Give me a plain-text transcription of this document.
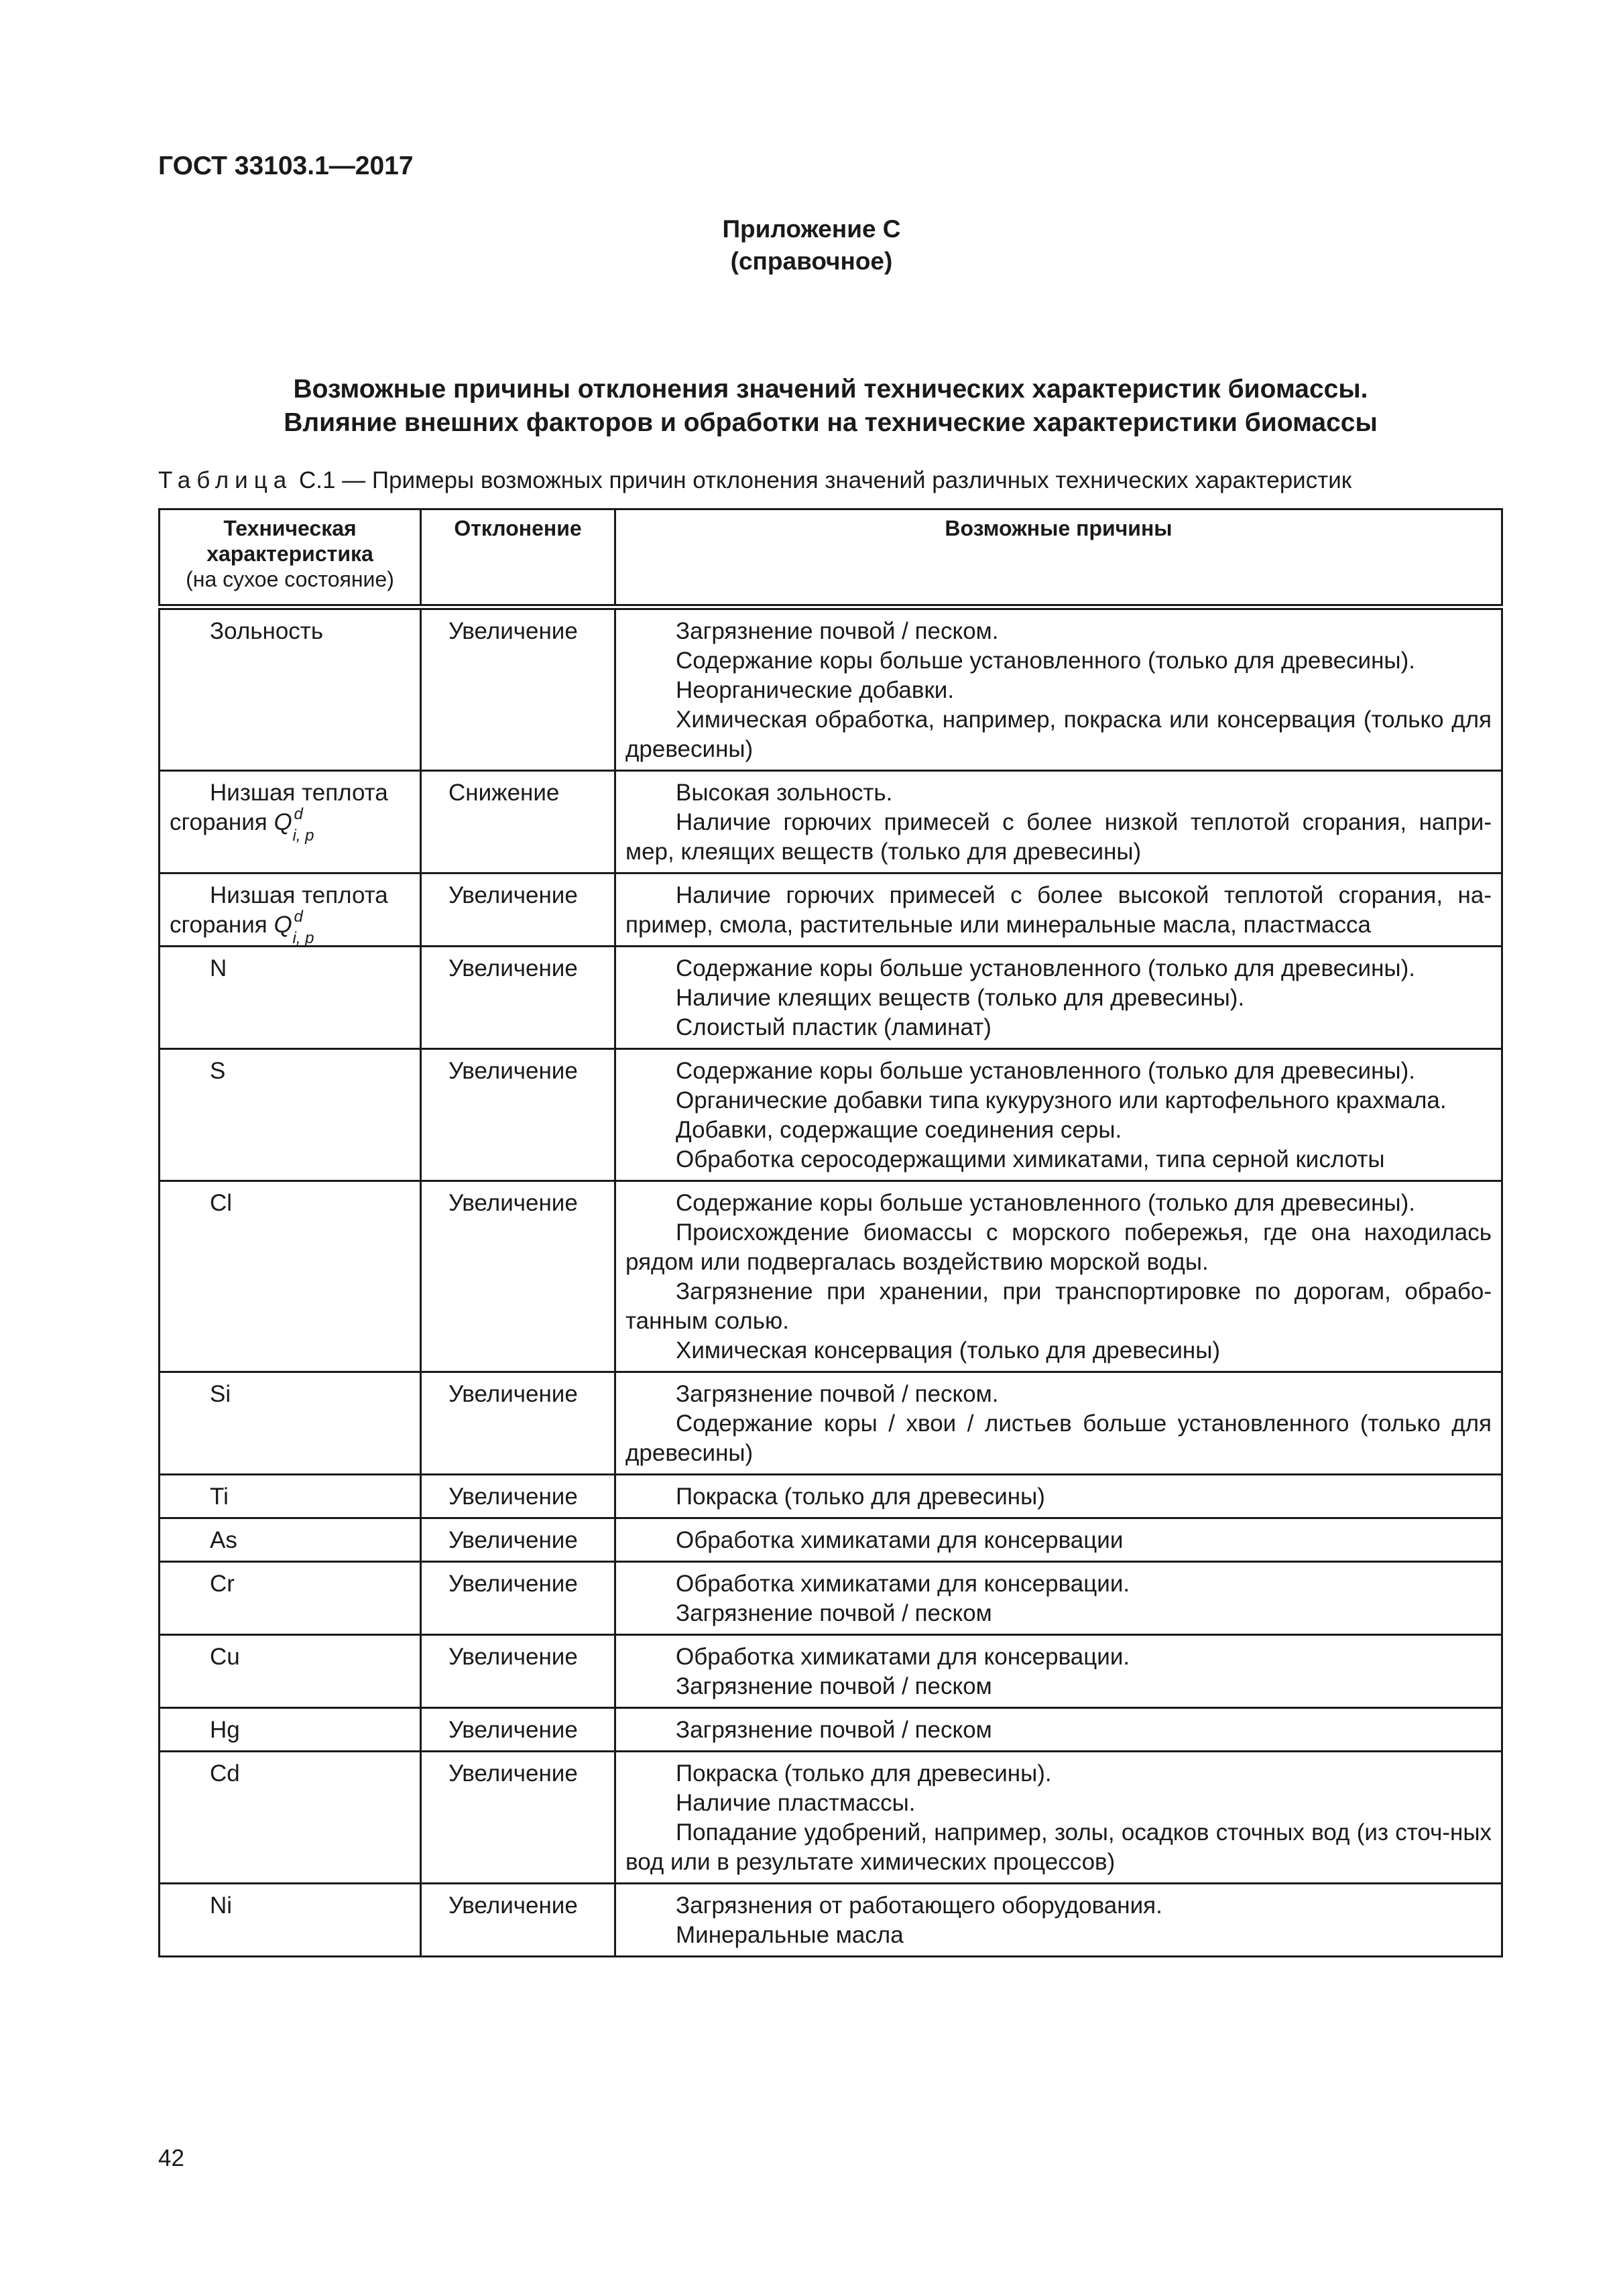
ГОСТ 33103.1—2017
Приложение С
(справочное)
Возможные причины отклонения значений технических характеристик биомассы.
Влияние внешних факторов и обработки на технические характеристики биомассы
Таблица С.1 — Примеры возможных причин отклонения значений различных технических характеристик
Техническая
характеристика
(на сухое состояние)	Отклонение	Возможные причины
Зольность	Увеличение	Загрязнение почвой / песком.
Содержание коры больше установленного (только для древесины).
Неорганические добавки.
Химическая обработка, например, покраска или консервация (только для древесины)

Низшая теплота
сгорания Q d
i, p	Снижение	Высокая зольность.
Наличие горючих примесей с более низкой теплотой сгорания, напри-мер, клеящих веществ (только для древесины)

Низшая теплота
сгорания Q d
i, p	Увеличение	Наличие горючих примесей с более высокой теплотой сгорания, на-пример, смола, растительные или минеральные масла, пластмасса

N	Увеличение	Содержание коры больше установленного (только для древесины).
Наличие клеящих веществ (только для древесины).
Слоистый пластик (ламинат)

S	Увеличение	Содержание коры больше установленного (только для древесины).
Органические добавки типа кукурузного или картофельного крахмала.
Добавки, содержащие соединения серы.
Обработка серосодержащими химикатами, типа серной кислоты

Cl	Увеличение	Содержание коры больше установленного (только для древесины).
Происхождение биомассы с морского побережья, где она находилась рядом или подвергалась воздействию морской воды.
Загрязнение при хранении, при транспортировке по дорогам, обрабо-танным солью.
Химическая консервация (только для древесины)

Si	Увеличение	Загрязнение почвой / песком.
Содержание коры / хвои / листьев больше установленного (только для древесины)

Ti	Увеличение	Покраска (только для древесины)

As	Увеличение	Обработка химикатами для консервации

Cr	Увеличение	Обработка химикатами для консервации.
Загрязнение почвой / песком

Cu	Увеличение	Обработка химикатами для консервации.
Загрязнение почвой / песком

Hg	Увеличение	Загрязнение почвой / песком

Cd	Увеличение	Покраска (только для древесины).
Наличие пластмассы.
Попадание удобрений, например, золы, осадков сточных вод (из сточ-ных вод или в результате химических процессов)

Ni	Увеличение	Загрязнения от работающего оборудования.
Минеральные масла
42
